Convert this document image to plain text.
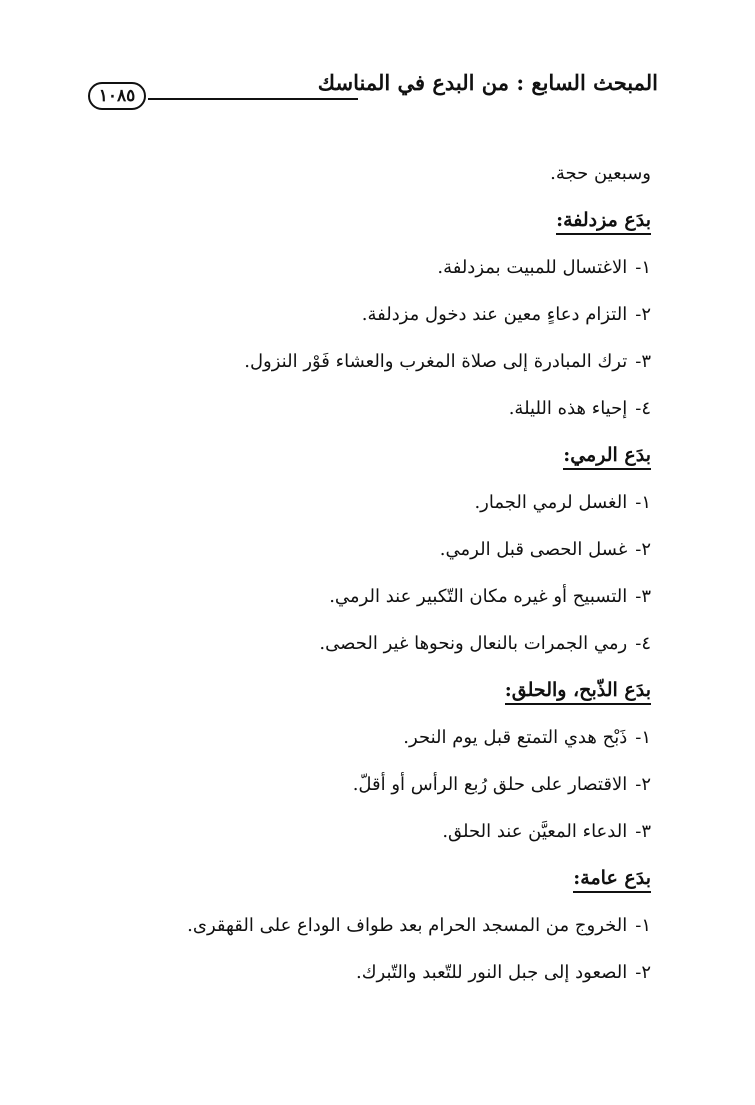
المبحث السابع : من البدع في المناسك
١٠٨٥
وسبعين حجة.
بدَع مزدلفة:
١-الاغتسال للمبيت بمزدلفة.
٢-التزام دعاءٍ معين عند دخول مزدلفة.
٣-ترك المبادرة إلى صلاة المغرب والعشاء فَوْر النزول.
٤-إحياء هذه الليلة.
بدَع الرمي:
١-الغسل لرمي الجمار.
٢-غسل الحصى قبل الرمي.
٣-التسبيح أو غيره مكان التّكبير عند الرمي.
٤-رمي الجمرات بالنعال ونحوها غير الحصى.
بدَع الذّبح، والحلق:
١-ذَبْح هدي التمتع قبل يوم النحر.
٢-الاقتصار على حلق رُبع الرأس أو أقلّ.
٣-الدعاء المعيَّن عند الحلق.
بدَع عامة:
١-الخروج من المسجد الحرام بعد طواف الوداع على القهقرى.
٢-الصعود إلى جبل النور للتّعبد والتّبرك.
